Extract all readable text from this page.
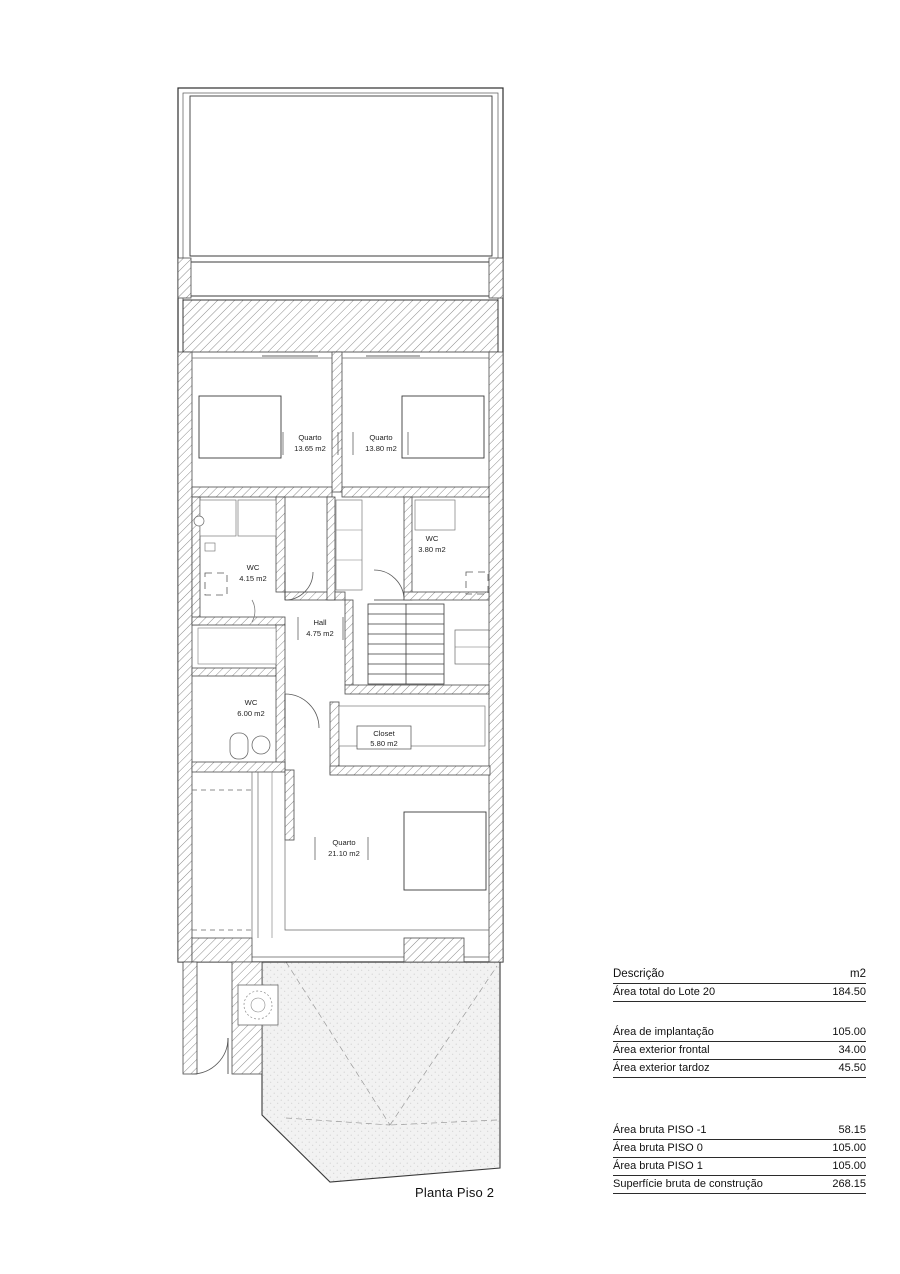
Quarto
13.65 m2
Quarto
13.80 m2
WC
4.15 m2
WC
3.80 m2
Hall
4.75 m2
WC
6.00 m2
Closet
5.80 m2
Quarto
21.10 m2
Planta Piso 2
Descrição	m2
Área total do Lote 20	184.50
Área de implantação	105.00
Área exterior frontal	34.00
Área exterior tardoz	45.50
Área bruta PISO -1	58.15
Área bruta PISO 0	105.00
Área bruta PISO 1	105.00
Superfície bruta de construção	268.15
